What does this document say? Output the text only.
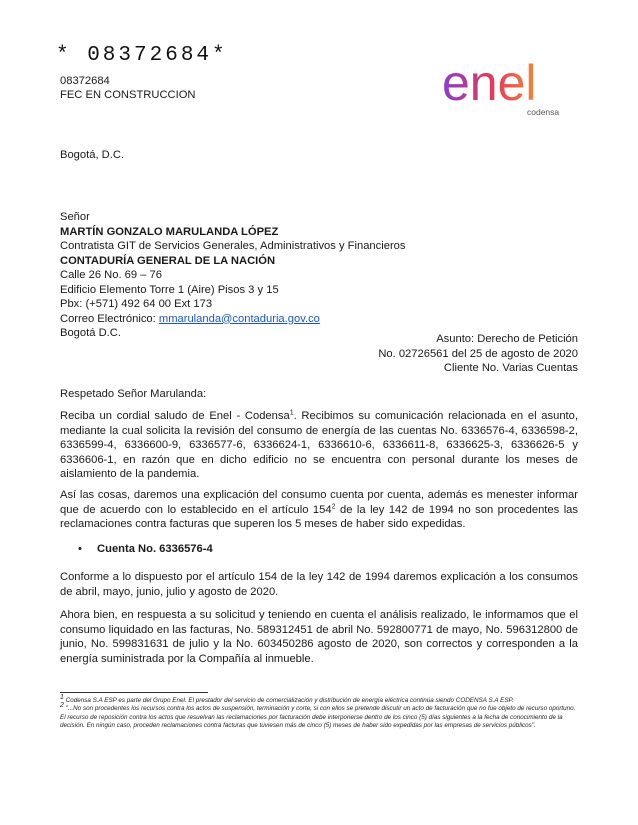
* 08372684*
08372684
FEC EN CONSTRUCCION	enel
codensa
Bogotá, D.C.
Señor
MARTÍN GONZALO MARULANDA LÓPEZ
Contratista GIT de Servicios Generales, Administrativos y Financieros
CONTADURÍA GENERAL DE LA NACIÓN
Calle 26 No. 69 – 76
Edificio Elemento Torre 1 (Aire) Pisos 3 y 15
Pbx: (+571) 492 64 00 Ext 173
Correo Electrónico: mmarulanda@contaduria.gov.co
Bogotá D.C.	Asunto: Derecho de Petición
No. 02726561 del 25 de agosto de 2020
Cliente No. Varias Cuentas
Respetado Señor Marulanda:
Reciba un cordial saludo de Enel - Codensa$^1$. Recibimos su comunicación relacionada en el asunto, mediante la cual solicita la revisión del consumo de energía de las cuentas No. 6336576-4, 6336598-2, 6336599-4, 6336600-9, 6336577-6, 6336624-1, 6336610-6, 6336611-8, 6336625-3, 6336626-5 y 6336606-1, en razón que en dicho edificio no se encuentra con personal durante los meses de aislamiento de la pandemia.
Así las cosas, daremos una explicación del consumo cuenta por cuenta, además es menester informar que de acuerdo con lo establecido en el artículo $154^2$ de la ley 142 de 1994 no son procedentes las reclamaciones contra facturas que superen los 5 meses de haber sido expedidas.
• Cuenta No. 6336576-4
Conforme a lo dispuesto por el artículo 154 de la ley 142 de 1994 daremos explicación a los consumos de abril, mayo, junio, julio y agosto de 2020.
Ahora bien, en respuesta a su solicitud y teniendo en cuenta el análisis realizado, le informamos que el consumo liquidado en las facturas, No. 589312451 de abril No. 592800771 de mayo, No. 596312800 de junio, No. 599831631 de julio y la No. 603450286 agosto de 2020, son correctos y corresponden a la energía suministrada por la Compañía al inmueble.
$^1$ Codensa S.A ESP es parte del Grupo Enel. El prestador del servicio de comercialización y distribución de energía eléctrica continúa siendo CODENSA S.A ESP.
$^2$ "...No son procedentes los recursos contra los actos de suspensión, terminación y corte, si con ellos se pretende discutir un acto de facturación que no fue objeto de recurso oportuno. El recurso de reposición contra los actos que resuelvan las reclamaciones por facturación debe interponerse dentro de los cinco (5) días siguientes a la fecha de conocimiento de la decisión. En ningún caso, proceden reclamaciones contra facturas que tuviesen más de cinco (5) meses de haber sido expedidas por las empresas de servicios públicos".
